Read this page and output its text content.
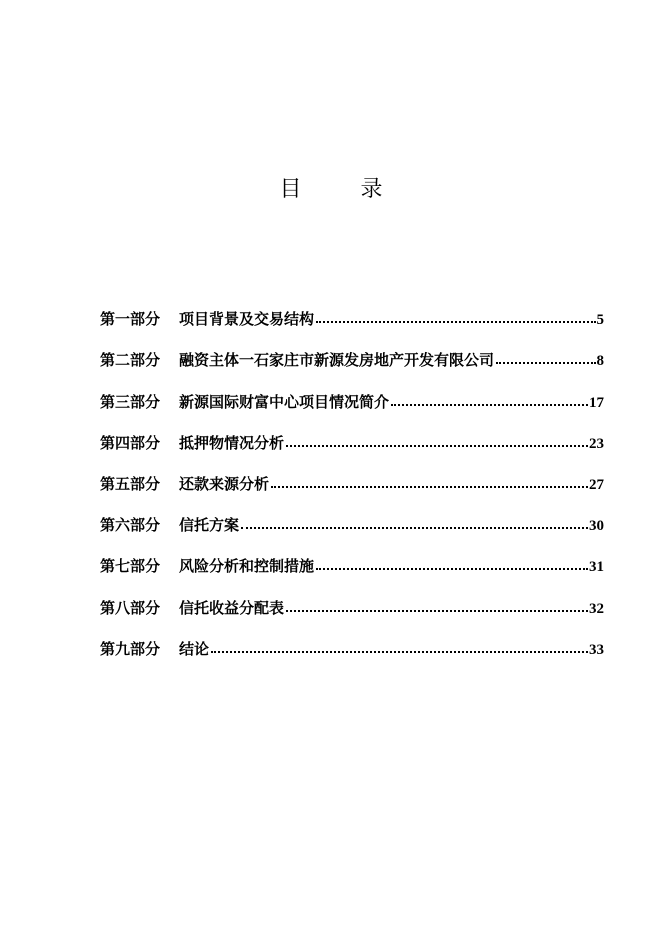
目 录
第一部分	项目背景及交易结构	5
第二部分	融资主体一石家庄市新源发房地产开发有限公司	8
第三部分	新源国际财富中心项目情况简介	17
第四部分	抵押物情况分析	23
第五部分	还款来源分析	27
第六部分	信托方案	30
第七部分	风险分析和控制措施	31
第八部分	信托收益分配表	32
第九部分	结论	33
